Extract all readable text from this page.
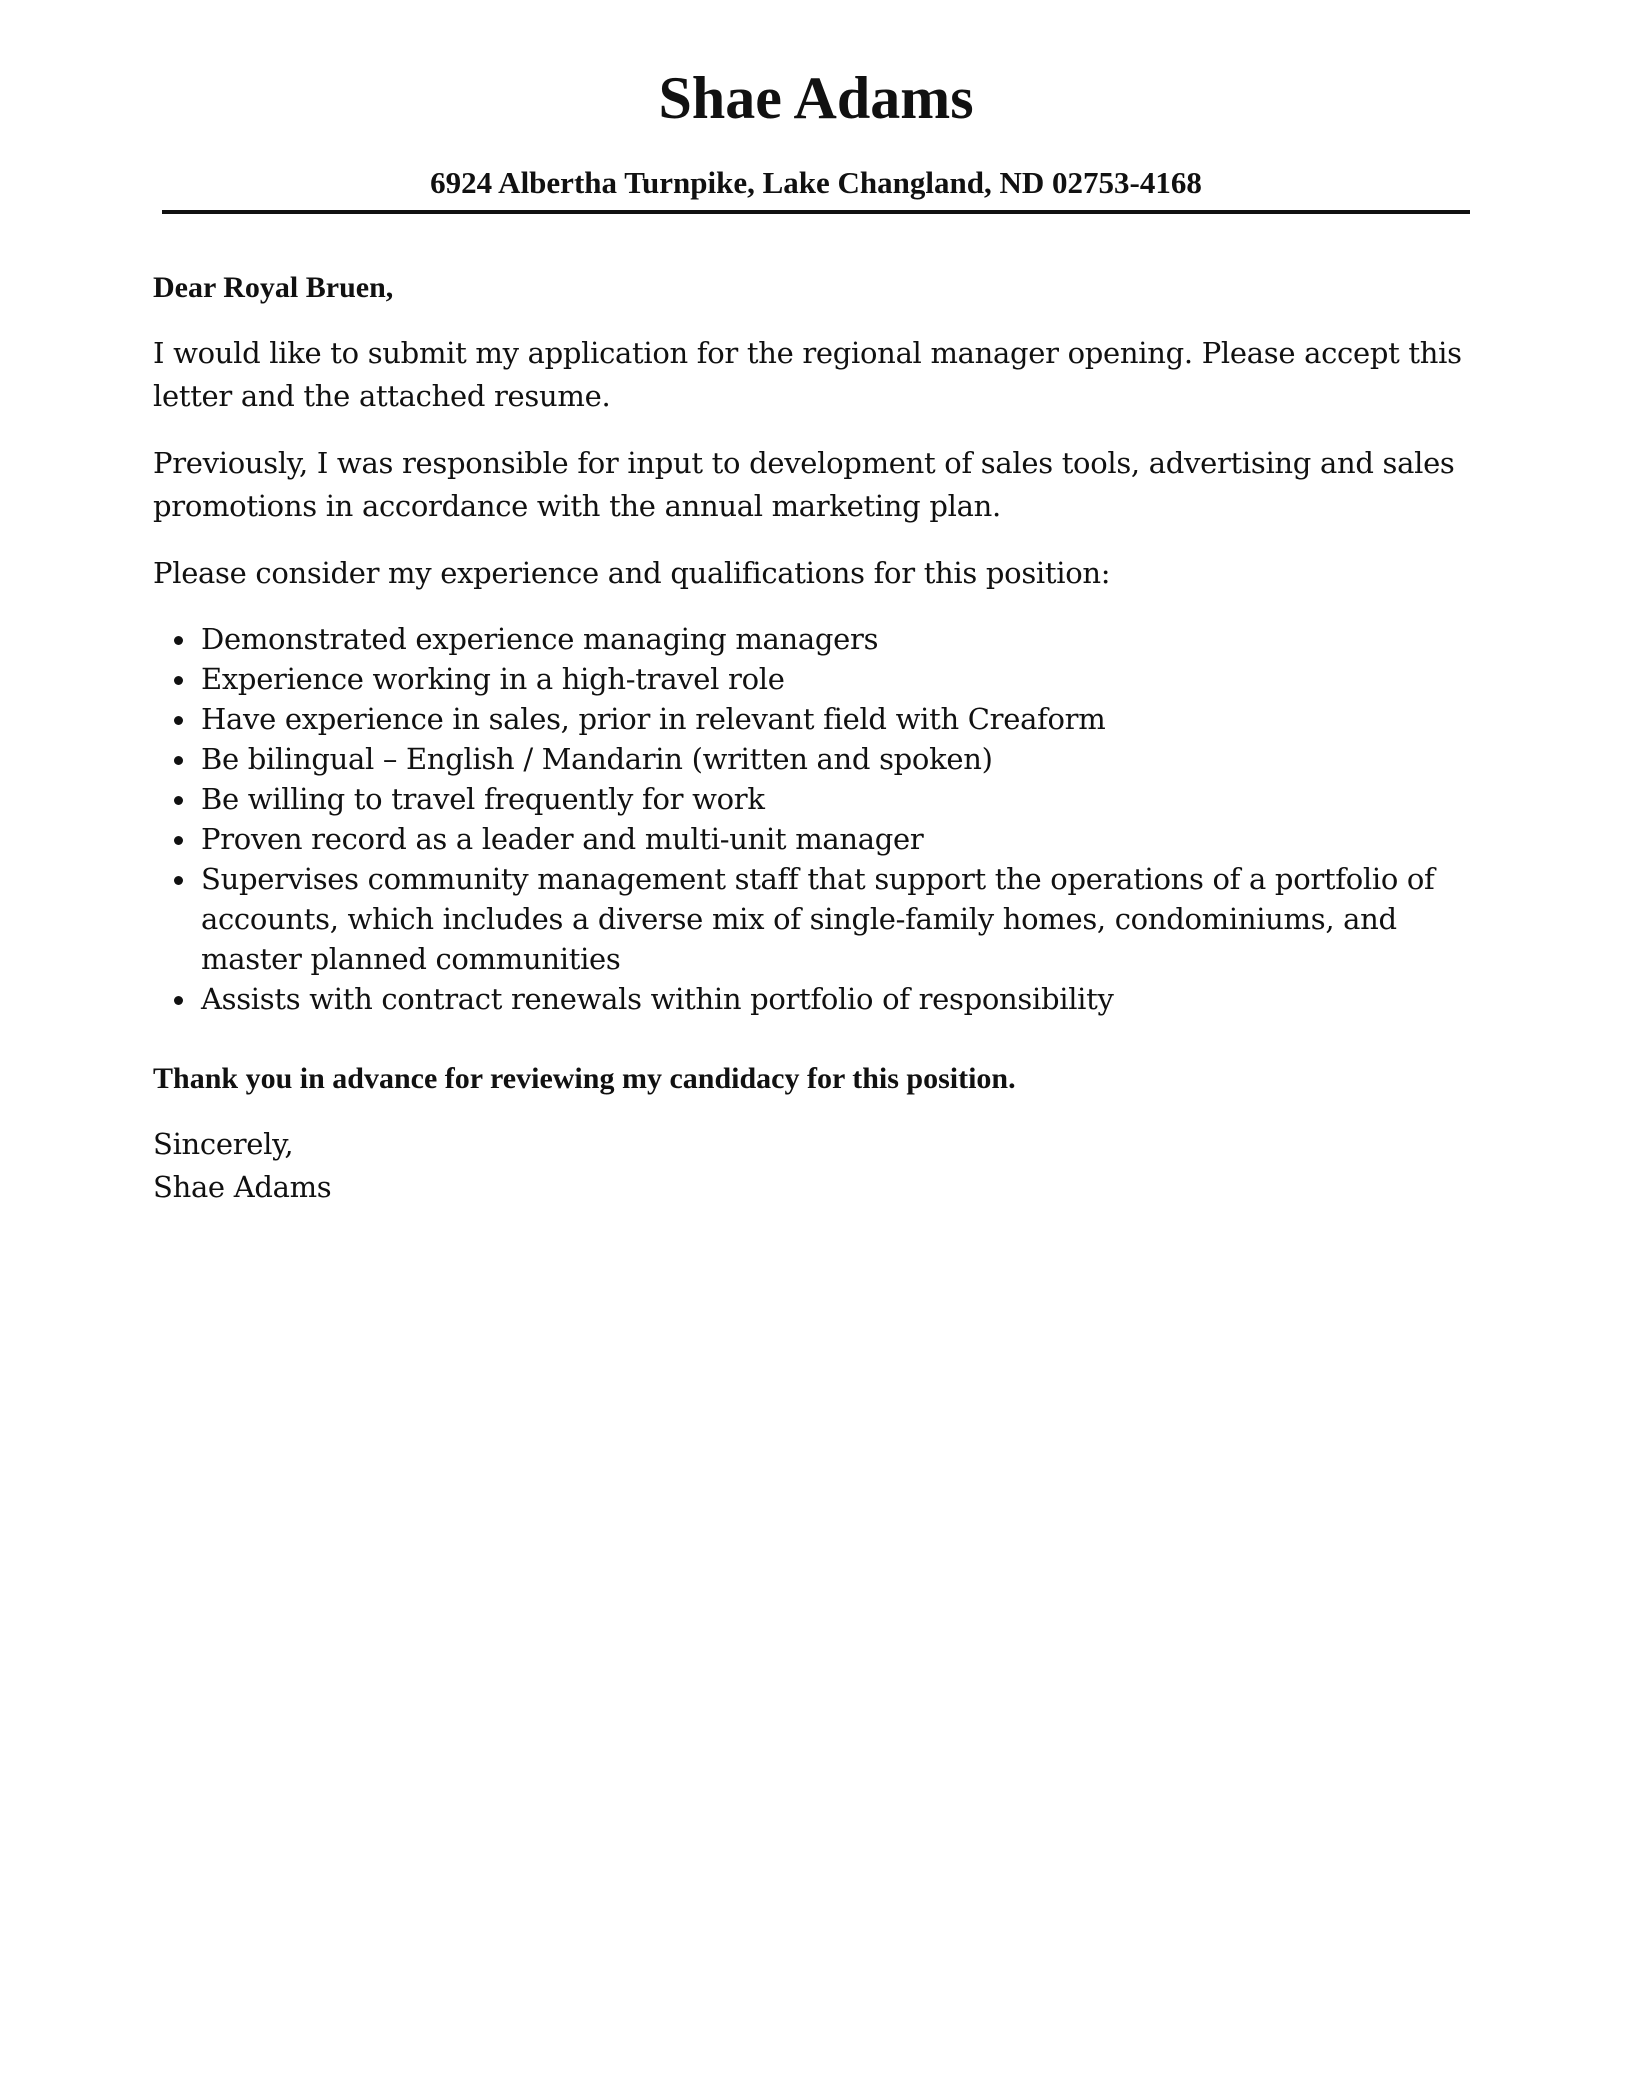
Shae Adams
6924 Albertha Turnpike, Lake Changland, ND 02753-4168

Dear Royal Bruen,

I would like to submit my application for the regional manager opening. Please accept this letter and the attached resume.

Previously, I was responsible for input to development of sales tools, advertising and sales promotions in accordance with the annual marketing plan.

Please consider my experience and qualifications for this position:

Demonstrated experience managing managers
Experience working in a high-travel role
Have experience in sales, prior in relevant field with Creaform
Be bilingual – English / Mandarin (written and spoken)
Be willing to travel frequently for work
Proven record as a leader and multi-unit manager
Supervises community management staff that support the operations of a portfolio of accounts, which includes a diverse mix of single-family homes, condominiums, and master planned communities
Assists with contract renewals within portfolio of responsibility

Thank you in advance for reviewing my candidacy for this position.

Sincerely,

Shae Adams
